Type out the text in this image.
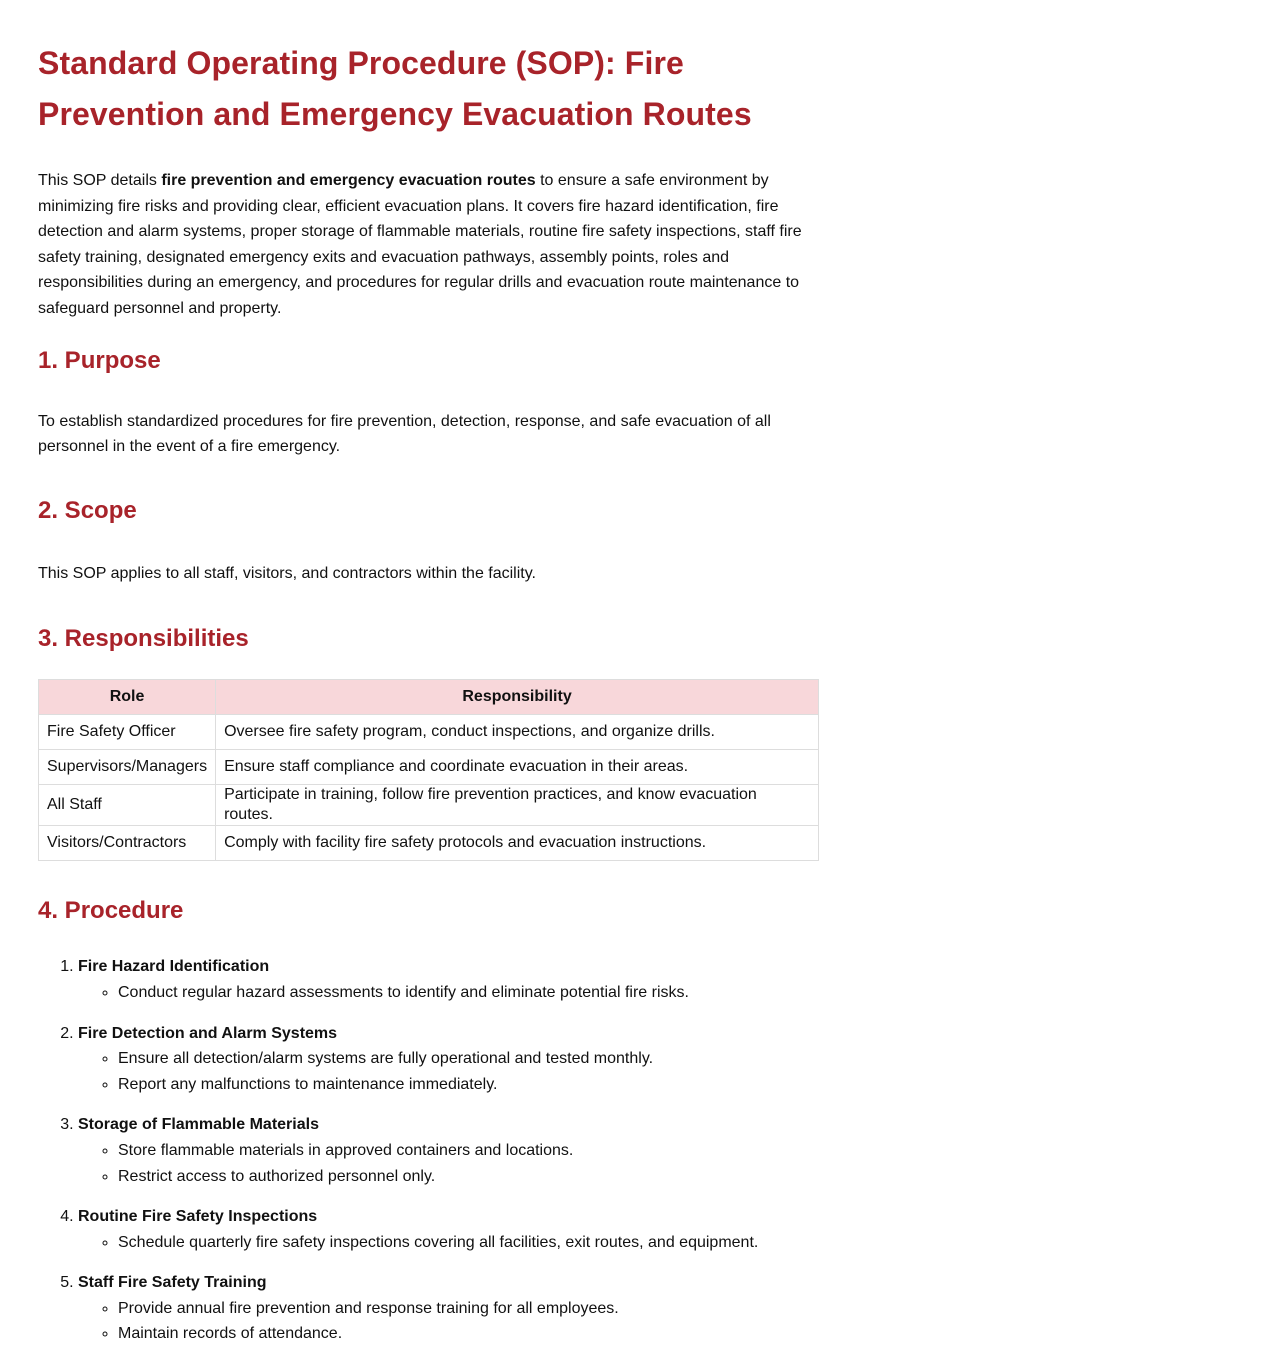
Standard Operating Procedure (SOP): Fire Prevention and Emergency Evacuation Routes

This SOP details fire prevention and emergency evacuation routes to ensure a safe environment by minimizing fire risks and providing clear, efficient evacuation plans. It covers fire hazard identification, fire detection and alarm systems, proper storage of flammable materials, routine fire safety inspections, staff fire safety training, designated emergency exits and evacuation pathways, assembly points, roles and responsibilities during an emergency, and procedures for regular drills and evacuation route maintenance to safeguard personnel and property.

1. Purpose

To establish standardized procedures for fire prevention, detection, response, and safe evacuation of all personnel in the event of a fire emergency.

2. Scope

This SOP applies to all staff, visitors, and contractors within the facility.

3. Responsibilities
Role	Responsibility
Fire Safety Officer	Oversee fire safety program, conduct inspections, and organize drills.
Supervisors/Managers	Ensure staff compliance and coordinate evacuation in their areas.
All Staff	Participate in training, follow fire prevention practices, and know evacuation routes.
Visitors/Contractors	Comply with facility fire safety protocols and evacuation instructions.
4. Procedure
1. Fire Hazard Identification
◦ Conduct regular hazard assessments to identify and eliminate potential fire risks.
2. Fire Detection and Alarm Systems
◦ Ensure all detection/alarm systems are fully operational and tested monthly.
◦ Report any malfunctions to maintenance immediately.
3. Storage of Flammable Materials
◦ Store flammable materials in approved containers and locations.
◦ Restrict access to authorized personnel only.
4. Routine Fire Safety Inspections
◦ Schedule quarterly fire safety inspections covering all facilities, exit routes, and equipment.
5. Staff Fire Safety Training
◦ Provide annual fire prevention and response training for all employees.
◦ Maintain records of attendance.
